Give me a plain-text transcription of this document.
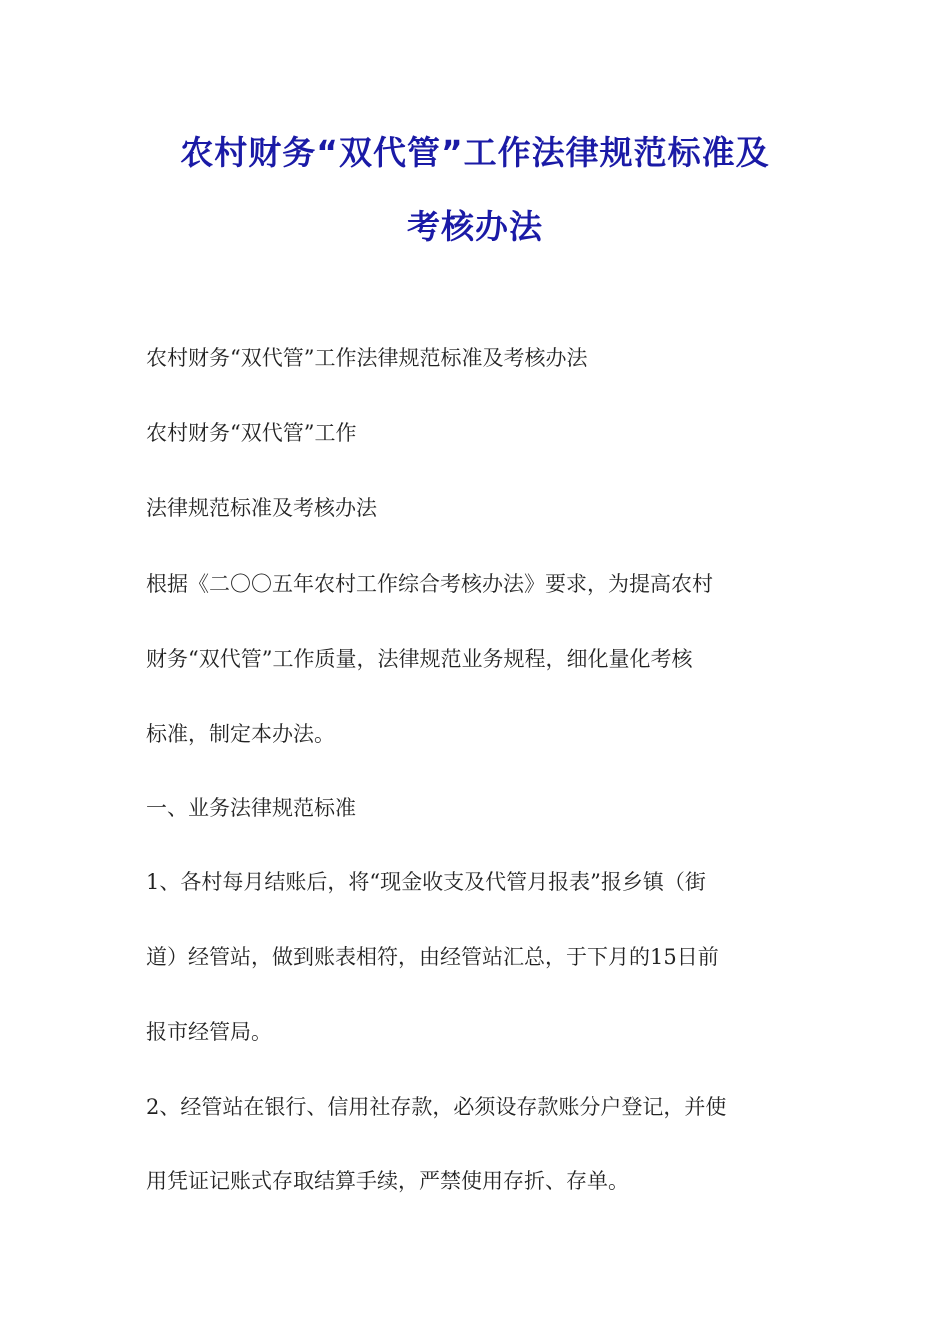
农村财务“双代管”工作法律规范标准及
考核办法
农村财务“双代管”工作法律规范标准及考核办法
农村财务“双代管”工作
法律规范标准及考核办法
根据《二〇〇五年农村工作综合考核办法》要求，为提高农村
财务“双代管”工作质量，法律规范业务规程，细化量化考核
标准，制定本办法。
一、业务法律规范标准
1、各村每月结账后，将“现金收支及代管月报表”报乡镇（街
道）经管站，做到账表相符，由经管站汇总，于下月的15日前
报市经管局。
2、经管站在银行、信用社存款，必须设存款账分户登记，并使
用凭证记账式存取结算手续，严禁使用存折、存单。
